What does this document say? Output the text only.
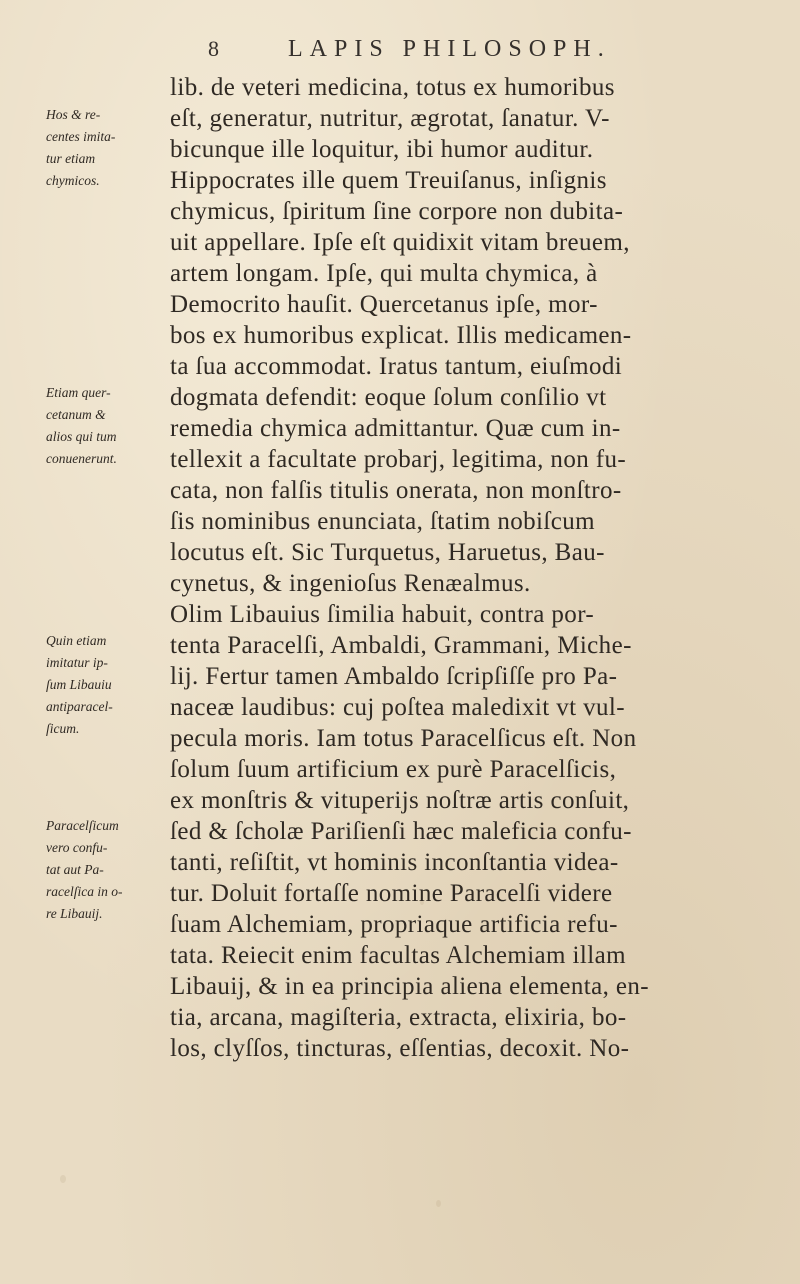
8	LAPIS PHILOSOPH.
lib. de veteri medicina, totus ex humoribus
eſt, generatur, nutritur, ægrotat, ſanatur. V-
bicunque ille loquitur, ibi humor auditur.
Hippocrates ille quem Treuiſanus, inſignis
chymicus, ſpiritum ſine corpore non dubita-
uit appellare. Ipſe eſt quidixit vitam breuem,
artem longam. Ipſe, qui multa chymica, à
Democrito hauſit. Quercetanus ipſe, mor-
bos ex humoribus explicat. Illis medicamen-
ta ſua accommodat. Iratus tantum, eiuſmodi
dogmata defendit: eoque ſolum conſilio vt
remedia chymica admittantur. Quæ cum in-
tellexit a facultate probarj, legitima, non fu-
cata, non falſis titulis onerata, non monſtro-
ſis nominibus enunciata, ſtatim nobiſcum
locutus eſt. Sic Turquetus, Haruetus, Bau-
cynetus, & ingenioſus Renæalmus.
Olim Libauius ſimilia habuit, contra por-
tenta Paracelſi, Ambaldi, Grammani, Miche-
lij. Fertur tamen Ambaldo ſcripſiſſe pro Pa-
naceæ laudibus: cuj poſtea maledixit vt vul-
pecula moris. Iam totus Paracelſicus eſt. Non
ſolum ſuum artificium ex purè Paracelſicis,
ex monſtris & vituperijs noſtræ artis conſuit,
ſed & ſcholæ Pariſienſi hæc maleficia confu-
tanti, reſiſtit, vt hominis inconſtantia videa-
tur. Doluit fortaſſe nomine Paracelſi videre
ſuam Alchemiam, propriaque artificia refu-
tata. Reiecit enim facultas Alchemiam illam
Libauij, & in ea principia aliena elementa, en-
tia, arcana, magiſteria, extracta, elixiria, bo-
los, clyſſos, tincturas, eſſentias, decoxit. No-
Hos & re-
centes imita-
tur etiam
chymicos.
Etiam quer-
cetanum &
alios qui tum
conuenerunt.
Quin etiam
imitatur ip-
ſum Libauiu
antiparacel-
ſicum.
Paracelſicum
vero confu-
tat aut Pa-
racelſica in o-
re Libauij.
